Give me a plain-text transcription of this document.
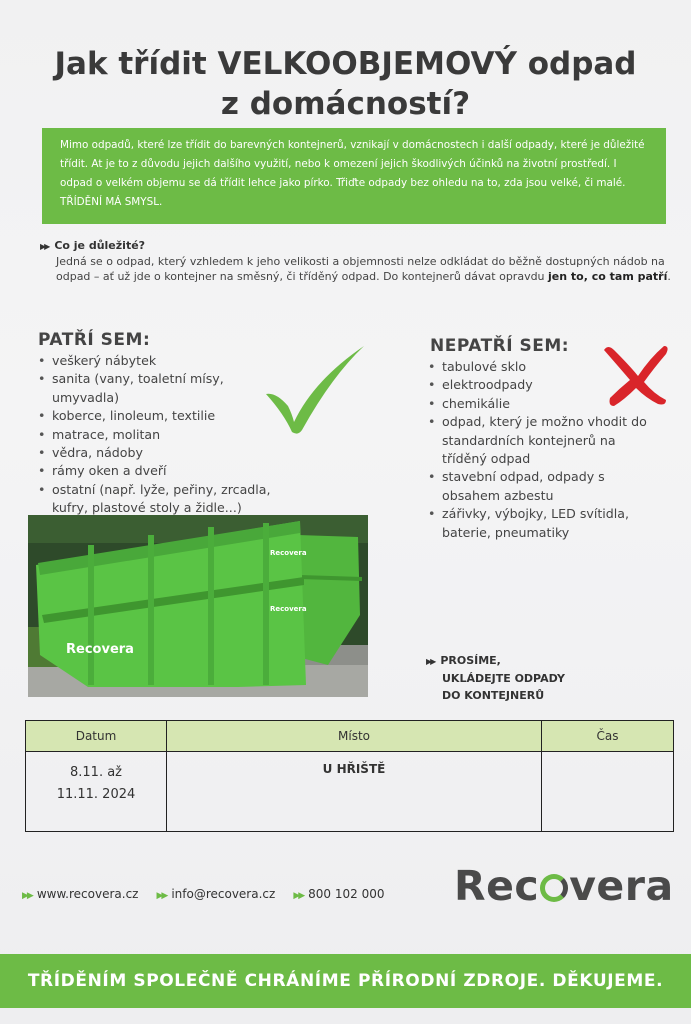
Jak třídit VELKOOBJEMOVÝ odpad
z domácností?
Mimo odpadů, které lze třídit do barevných kontejnerů, vznikají v domácnostech i další odpady, které je důležité třídit. At je to z důvodu jejich dalšího využití, nebo k omezení jejich škodlivých účinků na životní prostředí. I odpad o velkém objemu se dá třídit lehce jako pírko. Třiďte odpady bez ohledu na to, zda jsou velké, či malé. TŘÍDĚNÍ MÁ SMYSL.
▶▶ Co je důležité?
Jedná se o odpad, který vzhledem k jeho velikosti a objemnosti nelze odkládat do běžně dostupných nádob na odpad – ať už jde o kontejner na směsný, či tříděný odpad. Do kontejnerů dávat opravdu jen to, co tam patří.
PATŘÍ SEM:
• veškerý nábytek
• sanita (vany, toaletní mísy, umyvadla)
• koberce, linoleum, textilie
• matrace, molitan
• vědra, nádoby
• rámy oken a dveří
• ostatní (např. lyže, peřiny, zrcadla, kufry, plastové stoly a židle...)
NEPATŘÍ SEM:
• tabulové sklo
• elektroodpady
• chemikálie
• odpad, který je možno vhodit do standardních kontejnerů na tříděný odpad
• stavební odpad, odpady s obsahem azbestu
• zářivky, výbojky, LED svítidla, baterie, pneumatiky
Recovera
Recovera
Recovera
▶▶ PROSÍME,
UKLÁDEJTE ODPADY
DO KONTEJNERŮ
Datum	Místo	Čas
8.11. až
11.11. 2024	U HŘIŠTĚ	
▶▶ www.recovera.cz ▶▶ info@recovera.cz ▶▶ 800 102 000 Rec vera
TŘÍDĚNÍM SPOLEČNĚ CHRÁNÍME PŘÍRODNÍ ZDROJE. DĚKUJEME.
